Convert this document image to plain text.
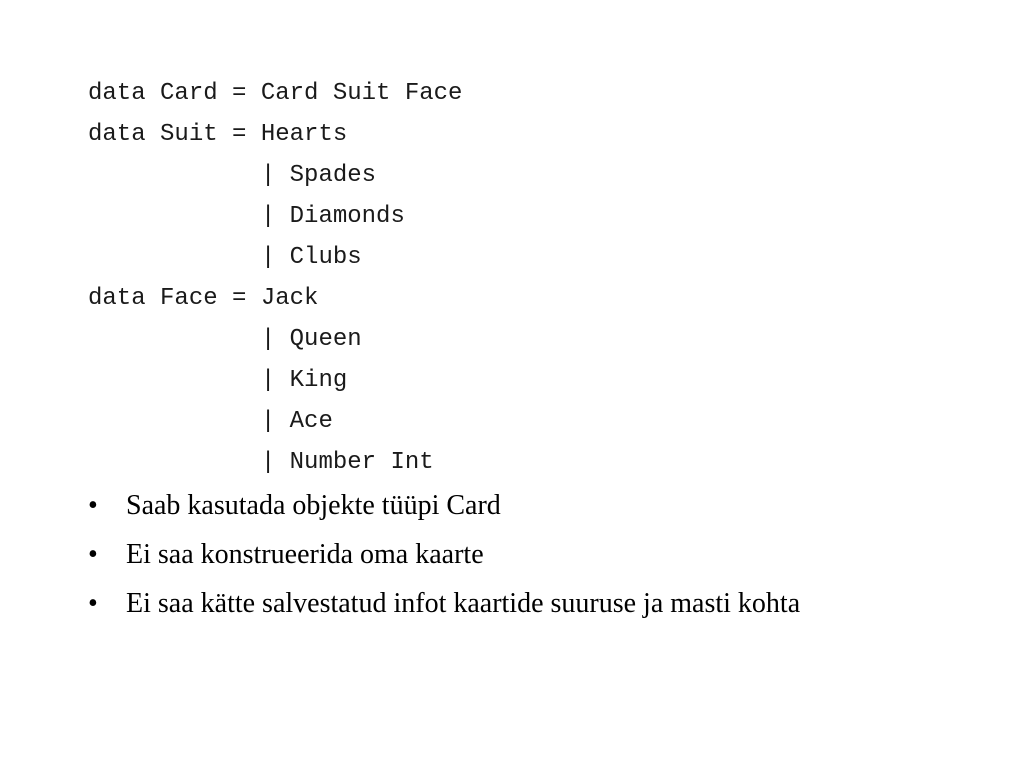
data Card = Card Suit Face
data Suit = Hearts
| Spades
| Diamonds
| Clubs
data Face = Jack
| Queen
| King
| Ace
| Number Int
• Saab kasutada objekte tüüpi Card
• Ei saa konstrueerida oma kaarte
• Ei saa kätte salvestatud infot kaartide suuruse ja masti kohta
